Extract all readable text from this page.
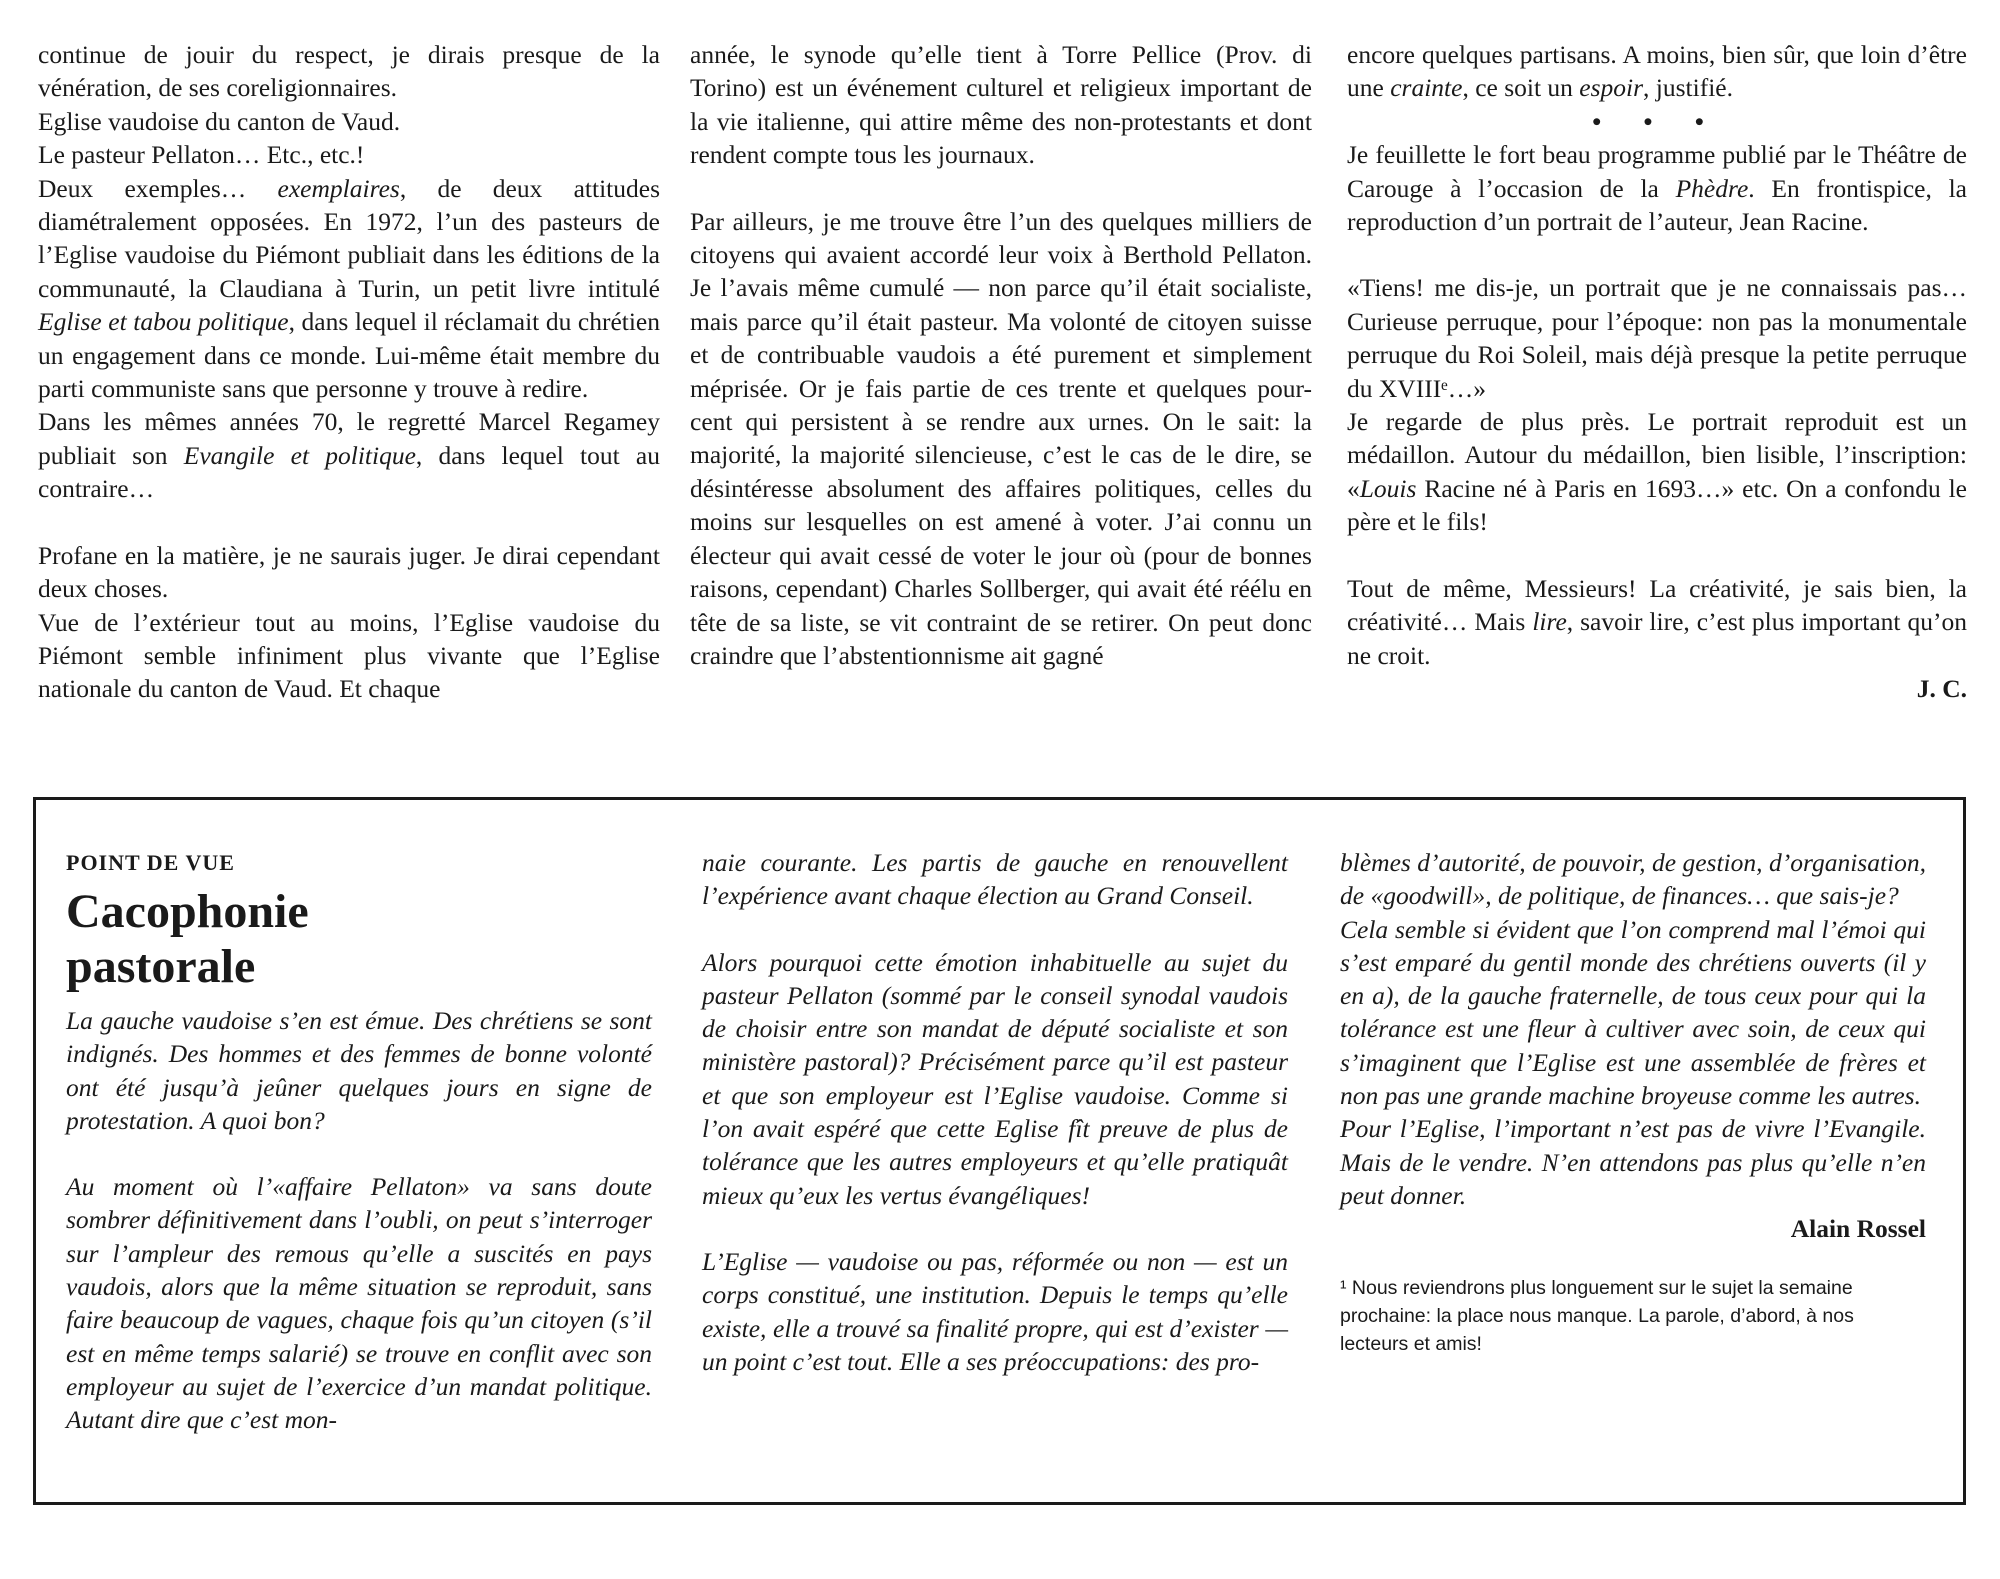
continue de jouir du respect, je dirais presque de la vénération, de ses coreligionnaires.

Eglise vaudoise du canton de Vaud.

Le pasteur Pellaton… Etc., etc.!

Deux exemples… exemplaires, de deux attitudes diamétralement opposées. En 1972, l’un des pasteurs de l’Eglise vaudoise du Piémont publiait dans les éditions de la communauté, la Claudiana à Turin, un petit livre intitulé Eglise et tabou politique, dans lequel il réclamait du chrétien un engagement dans ce monde. Lui-même était membre du parti communiste sans que personne y trouve à redire.

Dans les mêmes années 70, le regretté Marcel Regamey publiait son Evangile et politique, dans lequel tout au contraire…

Profane en la matière, je ne saurais juger. Je dirai cependant deux choses.

Vue de l’extérieur tout au moins, l’Eglise vaudoise du Piémont semble infiniment plus vivante que l’Eglise nationale du canton de Vaud. Et chaque

année, le synode qu’elle tient à Torre Pellice (Prov. di Torino) est un événement culturel et religieux important de la vie italienne, qui attire même des non-protestants et dont rendent compte tous les journaux.

Par ailleurs, je me trouve être l’un des quelques milliers de citoyens qui avaient accordé leur voix à Berthold Pellaton. Je l’avais même cumulé — non parce qu’il était socialiste, mais parce qu’il était pasteur. Ma volonté de citoyen suisse et de contribuable vaudois a été purement et simplement méprisée. Or je fais partie de ces trente et quelques pour-cent qui persistent à se rendre aux urnes. On le sait: la majorité, la majorité silencieuse, c’est le cas de le dire, se désintéresse absolument des affaires politiques, celles du moins sur lesquelles on est amené à voter. J’ai connu un électeur qui avait cessé de voter le jour où (pour de bonnes raisons, cependant) Charles Sollberger, qui avait été réélu en tête de sa liste, se vit contraint de se retirer. On peut donc craindre que l’abstentionnisme ait gagné

encore quelques partisans. A moins, bien sûr, que loin d’être une crainte, ce soit un espoir, justifié.

• • •

Je feuillette le fort beau programme publié par le Théâtre de Carouge à l’occasion de la Phèdre. En frontispice, la reproduction d’un portrait de l’auteur, Jean Racine.

«Tiens! me dis-je, un portrait que je ne connaissais pas… Curieuse perruque, pour l’époque: non pas la monumentale perruque du Roi Soleil, mais déjà presque la petite perruque du XVIIIᵉ…»

Je regarde de plus près. Le portrait reproduit est un médaillon. Autour du médaillon, bien lisible, l’inscription: «Louis Racine né à Paris en 1693…» etc. On a confondu le père et le fils!

Tout de même, Messieurs! La créativité, je sais bien, la créativité… Mais lire, savoir lire, c’est plus important qu’on ne croit.

J. C.

POINT DE VUE

Cacophonie
pastorale

La gauche vaudoise s’en est émue. Des chrétiens se sont indignés. Des hommes et des femmes de bonne volonté ont été jusqu’à jeûner quelques jours en signe de protestation. A quoi bon?

Au moment où l’«affaire Pellaton» va sans doute sombrer définitivement dans l’oubli, on peut s’interroger sur l’ampleur des remous qu’elle a suscités en pays vaudois, alors que la même situation se reproduit, sans faire beaucoup de vagues, chaque fois qu’un citoyen (s’il est en même temps salarié) se trouve en conflit avec son employeur au sujet de l’exercice d’un mandat politique. Autant dire que c’est mon-

naie courante. Les partis de gauche en renouvellent l’expérience avant chaque élection au Grand Conseil.

Alors pourquoi cette émotion inhabituelle au sujet du pasteur Pellaton (sommé par le conseil synodal vaudois de choisir entre son mandat de député socialiste et son ministère pastoral)? Précisément parce qu’il est pasteur et que son employeur est l’Eglise vaudoise. Comme si l’on avait espéré que cette Eglise fît preuve de plus de tolérance que les autres employeurs et qu’elle pratiquât mieux qu’eux les vertus évangéliques!

L’Eglise — vaudoise ou pas, réformée ou non — est un corps constitué, une institution. Depuis le temps qu’elle existe, elle a trouvé sa finalité propre, qui est d’exister — un point c’est tout. Elle a ses préoccupations: des pro-

blèmes d’autorité, de pouvoir, de gestion, d’organisation, de «goodwill», de politique, de finances… que sais-je?

Cela semble si évident que l’on comprend mal l’émoi qui s’est emparé du gentil monde des chrétiens ouverts (il y en a), de la gauche fraternelle, de tous ceux pour qui la tolérance est une fleur à cultiver avec soin, de ceux qui s’imaginent que l’Eglise est une assemblée de frères et non pas une grande machine broyeuse comme les autres.

Pour l’Eglise, l’important n’est pas de vivre l’Evangile. Mais de le vendre. N’en attendons pas plus qu’elle n’en peut donner.

Alain Rossel

¹ Nous reviendrons plus longuement sur le sujet la semaine prochaine: la place nous manque. La parole, d’abord, à nos lecteurs et amis!
